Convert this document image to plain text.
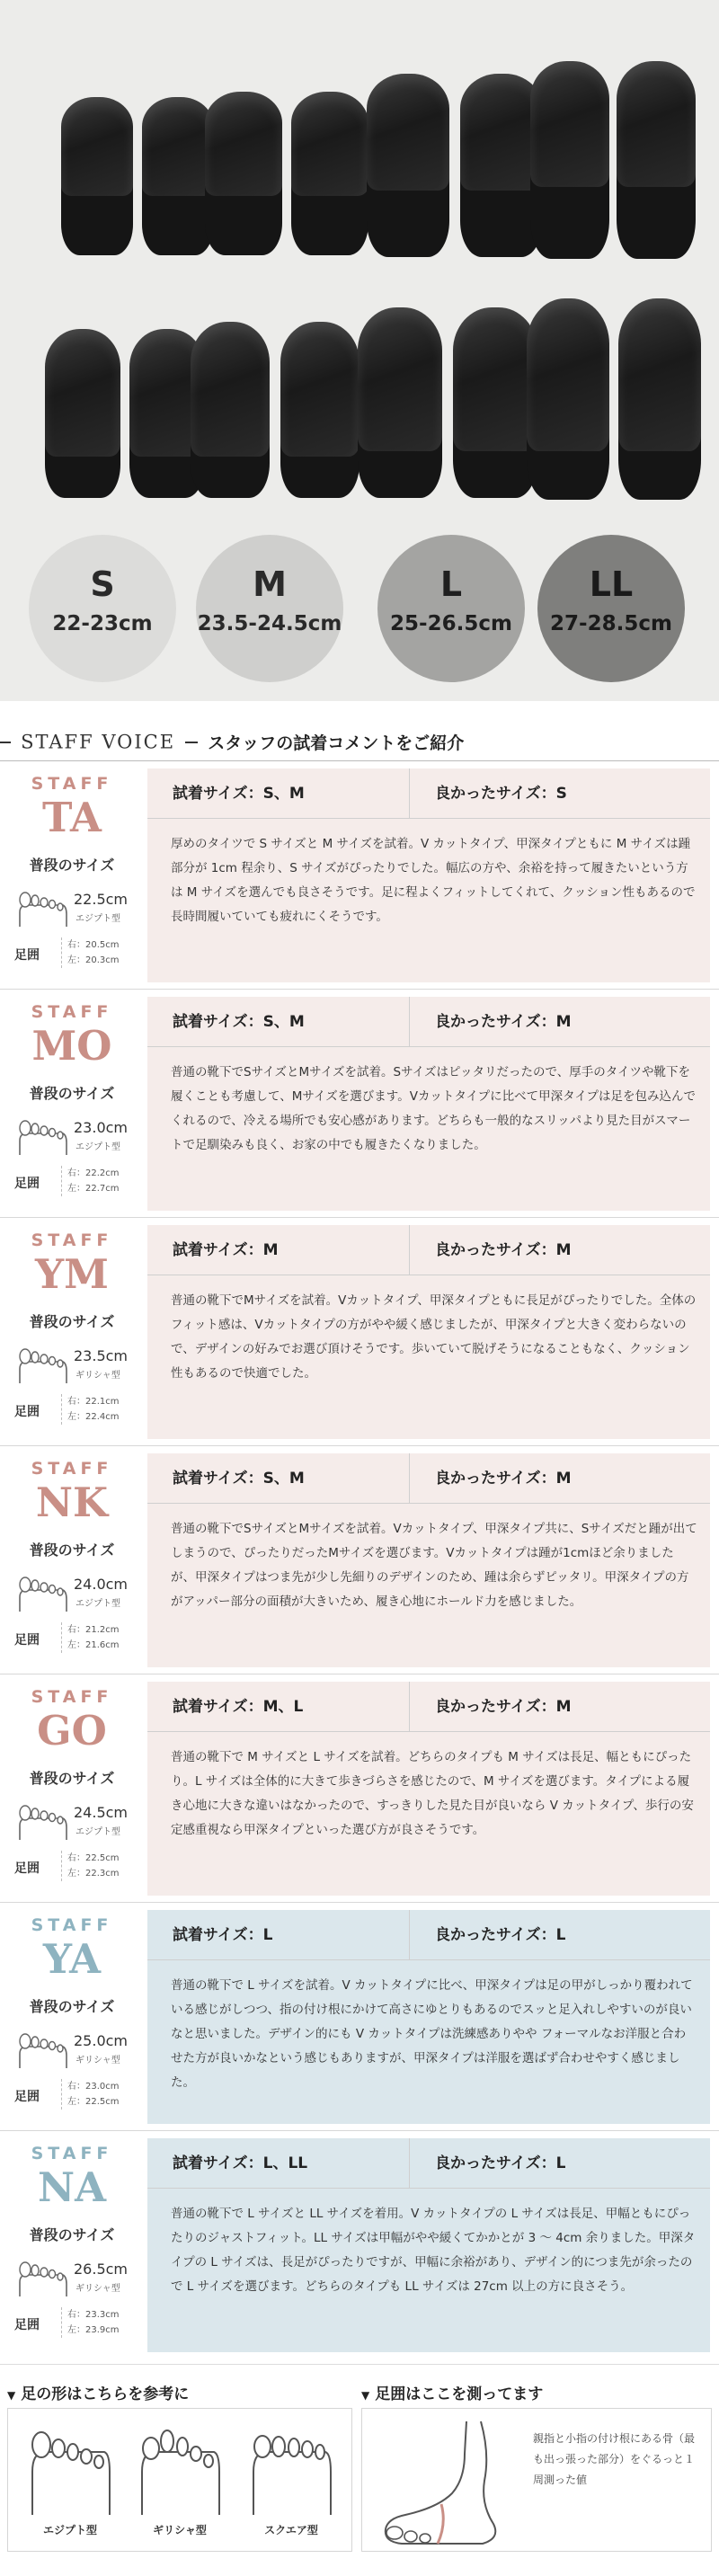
S
22-23cm
M
23.5-24.5cm
L
25-26.5cm
LL
27-28.5cm
STAFF VOICE スタッフの試着コメントをご紹介
STAFF
TA
普段のサイズ
22.5cm
エジプト型
足囲
右：20.5cm
左：20.3cm
試着サイズ：S、M	良かったサイズ：S
厚めのタイツで S サイズと M サイズを試着。V カットタイプ、甲深タイプともに M サイズは踵部分が 1cm 程余り、S サイズがぴったりでした。幅広の方や、余裕を持って履きたいという方は M サイズを選んでも良さそうです。足に程よくフィットしてくれて、クッション性もあるので長時間履いていても疲れにくそうです。
STAFF
MO
普段のサイズ
23.0cm
エジプト型
足囲
右：22.2cm
左：22.7cm
試着サイズ：S、M	良かったサイズ：M
普通の靴下でSサイズとMサイズを試着。Sサイズはピッタリだったので、厚手のタイツや靴下を履くことも考慮して、Mサイズを選びます。Vカットタイプに比べて甲深タイプは足を包み込んでくれるので、冷える場所でも安心感があります。どちらも一般的なスリッパより見た目がスマートで足馴染みも良く、お家の中でも履きたくなりました。
STAFF
YM
普段のサイズ
23.5cm
ギリシャ型
足囲
右：22.1cm
左：22.4cm
試着サイズ：M	良かったサイズ：M
普通の靴下でMサイズを試着。Vカットタイプ、甲深タイプともに長足がぴったりでした。全体のフィット感は、Vカットタイプの方がやや緩く感じましたが、甲深タイプと大きく変わらないので、デザインの好みでお選び頂けそうです。歩いていて脱げそうになることもなく、クッション性もあるので快適でした。
STAFF
NK
普段のサイズ
24.0cm
エジプト型
足囲
右：21.2cm
左：21.6cm
試着サイズ：S、M	良かったサイズ：M
普通の靴下でSサイズとMサイズを試着。Vカットタイプ、甲深タイプ共に、Sサイズだと踵が出てしまうので、ぴったりだったMサイズを選びます。Vカットタイプは踵が1cmほど余りましたが、甲深タイプはつま先が少し先細りのデザインのため、踵は余らずピッタリ。甲深タイプの方がアッパー部分の面積が大きいため、履き心地にホールド力を感じました。
STAFF
GO
普段のサイズ
24.5cm
エジプト型
足囲
右：22.5cm
左：22.3cm
試着サイズ：M、L	良かったサイズ：M
普通の靴下で M サイズと L サイズを試着。どちらのタイプも M サイズは長足、幅ともにぴったり。L サイズは全体的に大きて歩きづらさを感じたので、M サイズを選びます。タイプによる履き心地に大きな違いはなかったので、すっきりした見た目が良いなら V カットタイプ、歩行の安定感重視なら甲深タイプといった選び方が良さそうです。
STAFF
YA
普段のサイズ
25.0cm
ギリシャ型
足囲
右：23.0cm
左：22.5cm
試着サイズ：L	良かったサイズ：L
普通の靴下で L サイズを試着。V カットタイプに比べ、甲深タイプは足の甲がしっかり覆われている感じがしつつ、指の付け根にかけて高さにゆとりもあるのでスッと足入れしやすいのが良いなと思いました。デザイン的にも V カットタイプは洗練感ありやや フォーマルなお洋服と合わせた方が良いかなという感じもありますが、甲深タイプは洋服を選ばず合わせやすく感じました。
STAFF
NA
普段のサイズ
26.5cm
ギリシャ型
足囲
右：23.3cm
左：23.9cm
試着サイズ：L、LL	良かったサイズ：L
普通の靴下で L サイズと LL サイズを着用。V カットタイプの L サイズは長足、甲幅ともにぴったりのジャストフィット。LL サイズは甲幅がやや緩くてかかとが 3 〜 4cm 余りました。甲深タイプの L サイズは、長足がぴったりですが、甲幅に余裕があり、デザイン的につま先が余ったので L サイズを選びます。どちらのタイプも LL サイズは 27cm 以上の方に良さそう。
▼ 足の形はこちらを参考に
エジプト型	ギリシャ型	スクエア型
▼ 足囲はここを測ってます
親指と小指の付け根にある骨（最も出っ張った部分）をぐるっと１周測った値
